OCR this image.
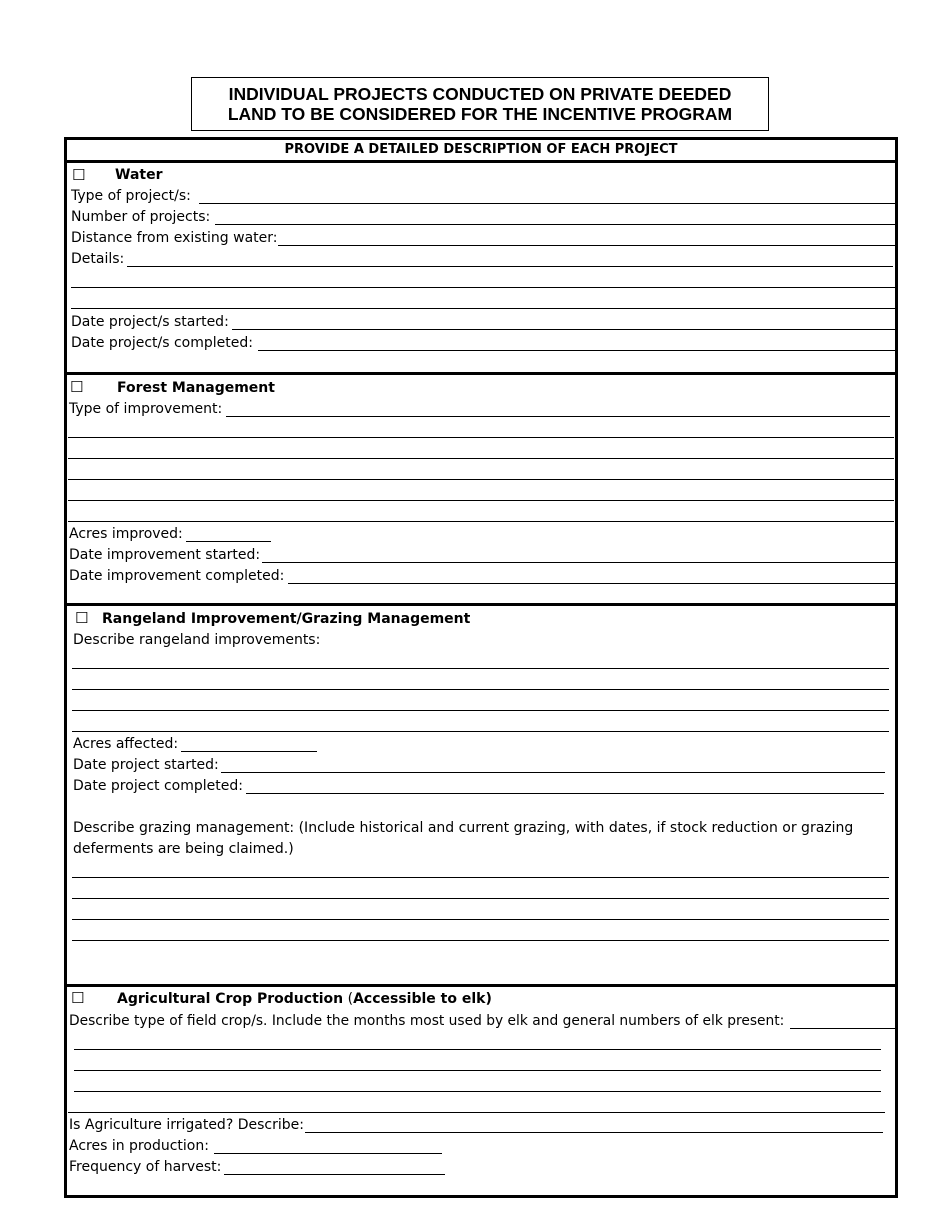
INDIVIDUAL PROJECTS CONDUCTED ON PRIVATE DEEDED
LAND TO BE CONSIDERED FOR THE INCENTIVE PROGRAM
PROVIDE A DETAILED DESCRIPTION OF EACH PROJECT
☐ Water
Type of project/s:
Number of projects:
Distance from existing water:
Details:
Date project/s started:
Date project/s completed:
☐ Forest Management
Type of improvement:
Acres improved:
Date improvement started:
Date improvement completed:
☐ Rangeland Improvement/Grazing Management
Describe rangeland improvements:
Acres affected:
Date project started:
Date project completed:
Describe grazing management: (Include historical and current grazing, with dates, if stock reduction or grazing
deferments are being claimed.)
☐ Agricultural Crop Production (Accessible to elk)
Describe type of field crop/s. Include the months most used by elk and general numbers of elk present:
Is Agriculture irrigated? Describe:
Acres in production:
Frequency of harvest:
